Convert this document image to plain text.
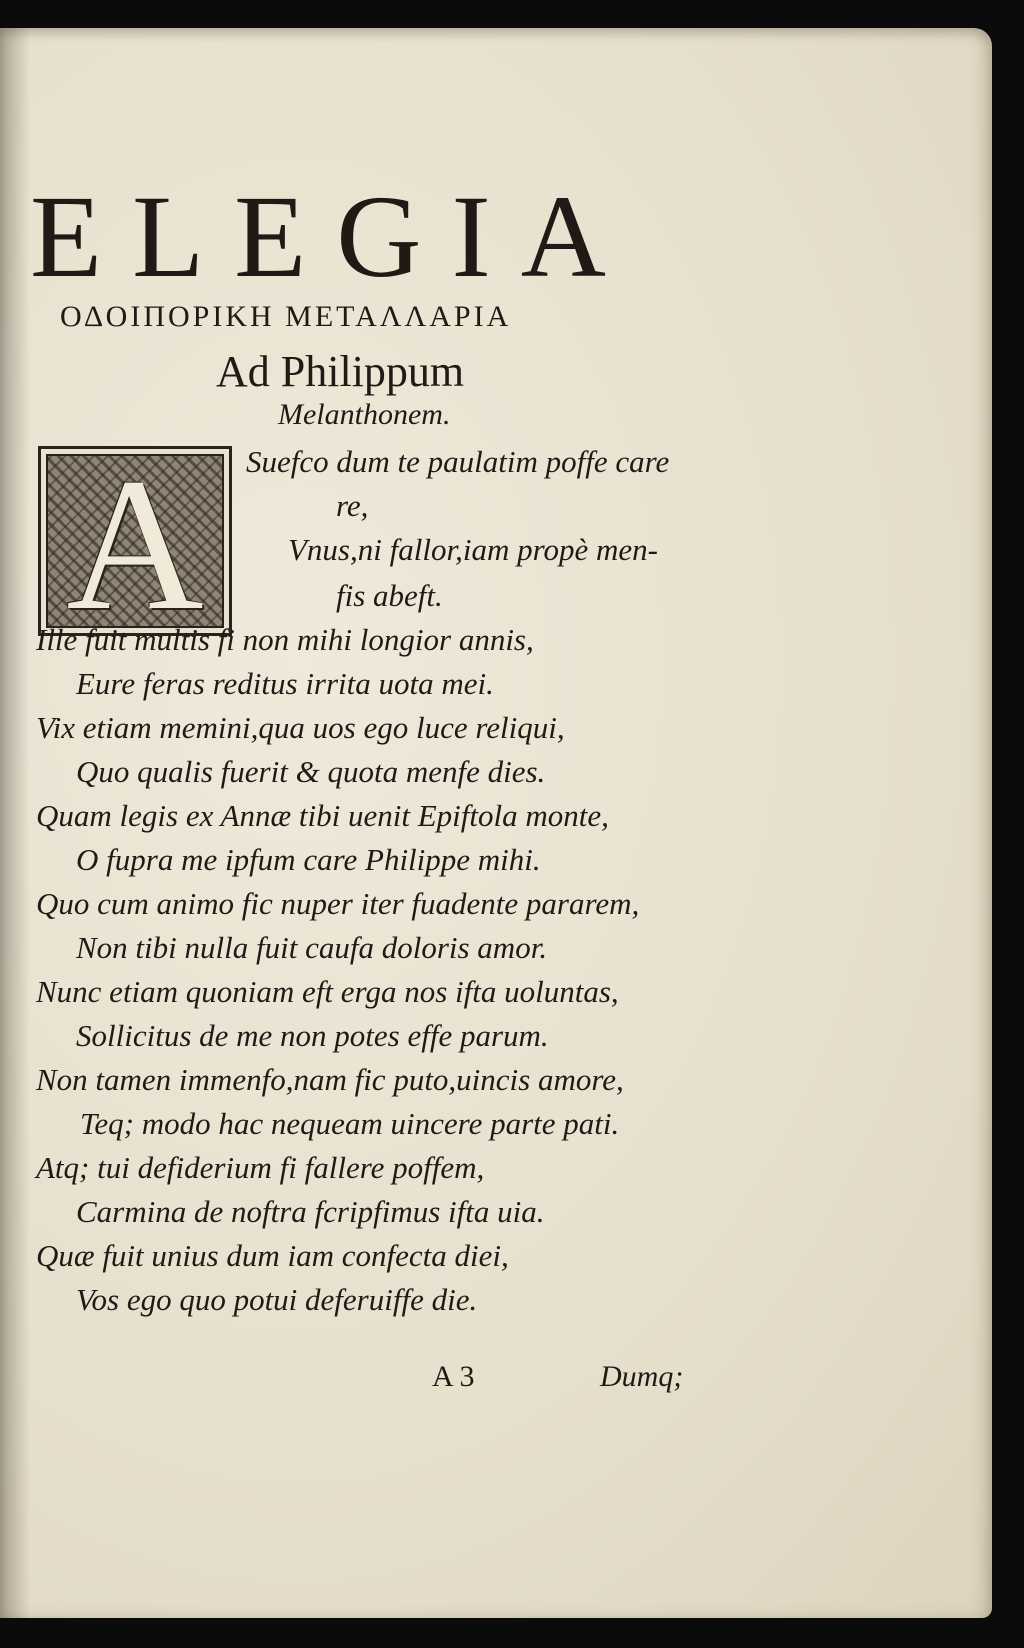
ELEGIA
ΟΔΟΙΠΟΡΙΚΗ ΜΕΤΑΛΛΑΡΙΑ
Ad Philippum
Melanthonem.
A	Suefco dum te paulatim poffe care
re,
Vnus,ni fallor,iam propè men-
fis abeft.
Ille fuit multis fi non mihi longior annis,
Eure feras reditus irrita uota mei.
Vix etiam memini,qua uos ego luce reliqui,
Quo qualis fuerit & quota menfe dies.
Quam legis ex Annæ tibi uenit Epiftola monte,
O fupra me ipfum care Philippe mihi.
Quo cum animo fic nuper iter fuadente pararem,
Non tibi nulla fuit caufa doloris amor.
Nunc etiam quoniam eft erga nos ifta uoluntas,
Sollicitus de me non potes effe parum.
Non tamen immenfo,nam fic puto,uincis amore,
Teq; modo hac nequeam uincere parte pati.
Atq; tui defiderium fi fallere poffem,
Carmina de noftra fcripfimus ifta uia.
Quæ fuit unius dum iam confecta diei,
Vos ego quo potui deferuiffe die.
A 3	Dumq;
